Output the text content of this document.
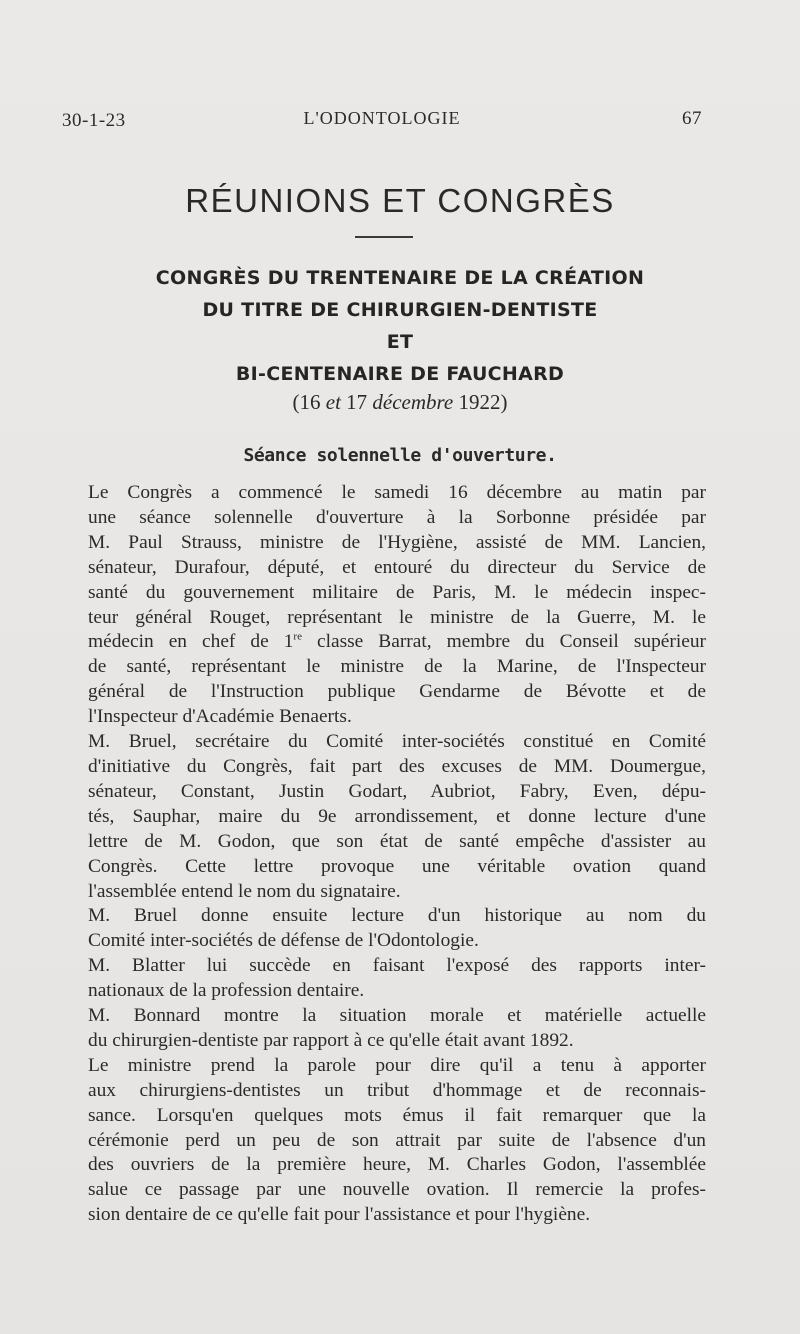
30-1-23	L'ODONTOLOGIE	67
RÉUNIONS ET CONGRÈS
CONGRÈS DU TRENTENAIRE DE LA CRÉATION
DU TITRE DE CHIRURGIEN-DENTISTE
ET
BI-CENTENAIRE DE FAUCHARD
(16 et 17 décembre 1922)
Séance solennelle d'ouverture.

Le Congrès a commencé le samedi 16 décembre au matin par
une séance solennelle d'ouverture à la Sorbonne présidée par
M. Paul Strauss, ministre de l'Hygiène, assisté de MM. Lancien,
sénateur, Durafour, député, et entouré du directeur du Service de
santé du gouvernement militaire de Paris, M. le médecin inspec-
teur général Rouget, représentant le ministre de la Guerre, M. le
médecin en chef de 1re classe Barrat, membre du Conseil supérieur
de santé, représentant le ministre de la Marine, de l'Inspecteur
général de l'Instruction publique Gendarme de Bévotte et de
l'Inspecteur d'Académie Benaerts.

M. Bruel, secrétaire du Comité inter-sociétés constitué en Comité
d'initiative du Congrès, fait part des excuses de MM. Doumergue,
sénateur, Constant, Justin Godart, Aubriot, Fabry, Even, dépu-
tés, Sauphar, maire du 9e arrondissement, et donne lecture d'une
lettre de M. Godon, que son état de santé empêche d'assister au
Congrès. Cette lettre provoque une véritable ovation quand
l'assemblée entend le nom du signataire.

M. Bruel donne ensuite lecture d'un historique au nom du
Comité inter-sociétés de défense de l'Odontologie.

M. Blatter lui succède en faisant l'exposé des rapports inter-
nationaux de la profession dentaire.

M. Bonnard montre la situation morale et matérielle actuelle
du chirurgien-dentiste par rapport à ce qu'elle était avant 1892.

Le ministre prend la parole pour dire qu'il a tenu à apporter
aux chirurgiens-dentistes un tribut d'hommage et de reconnais-
sance. Lorsqu'en quelques mots émus il fait remarquer que la
cérémonie perd un peu de son attrait par suite de l'absence d'un
des ouvriers de la première heure, M. Charles Godon, l'assemblée
salue ce passage par une nouvelle ovation. Il remercie la profes-
sion dentaire de ce qu'elle fait pour l'assistance et pour l'hygiène.
